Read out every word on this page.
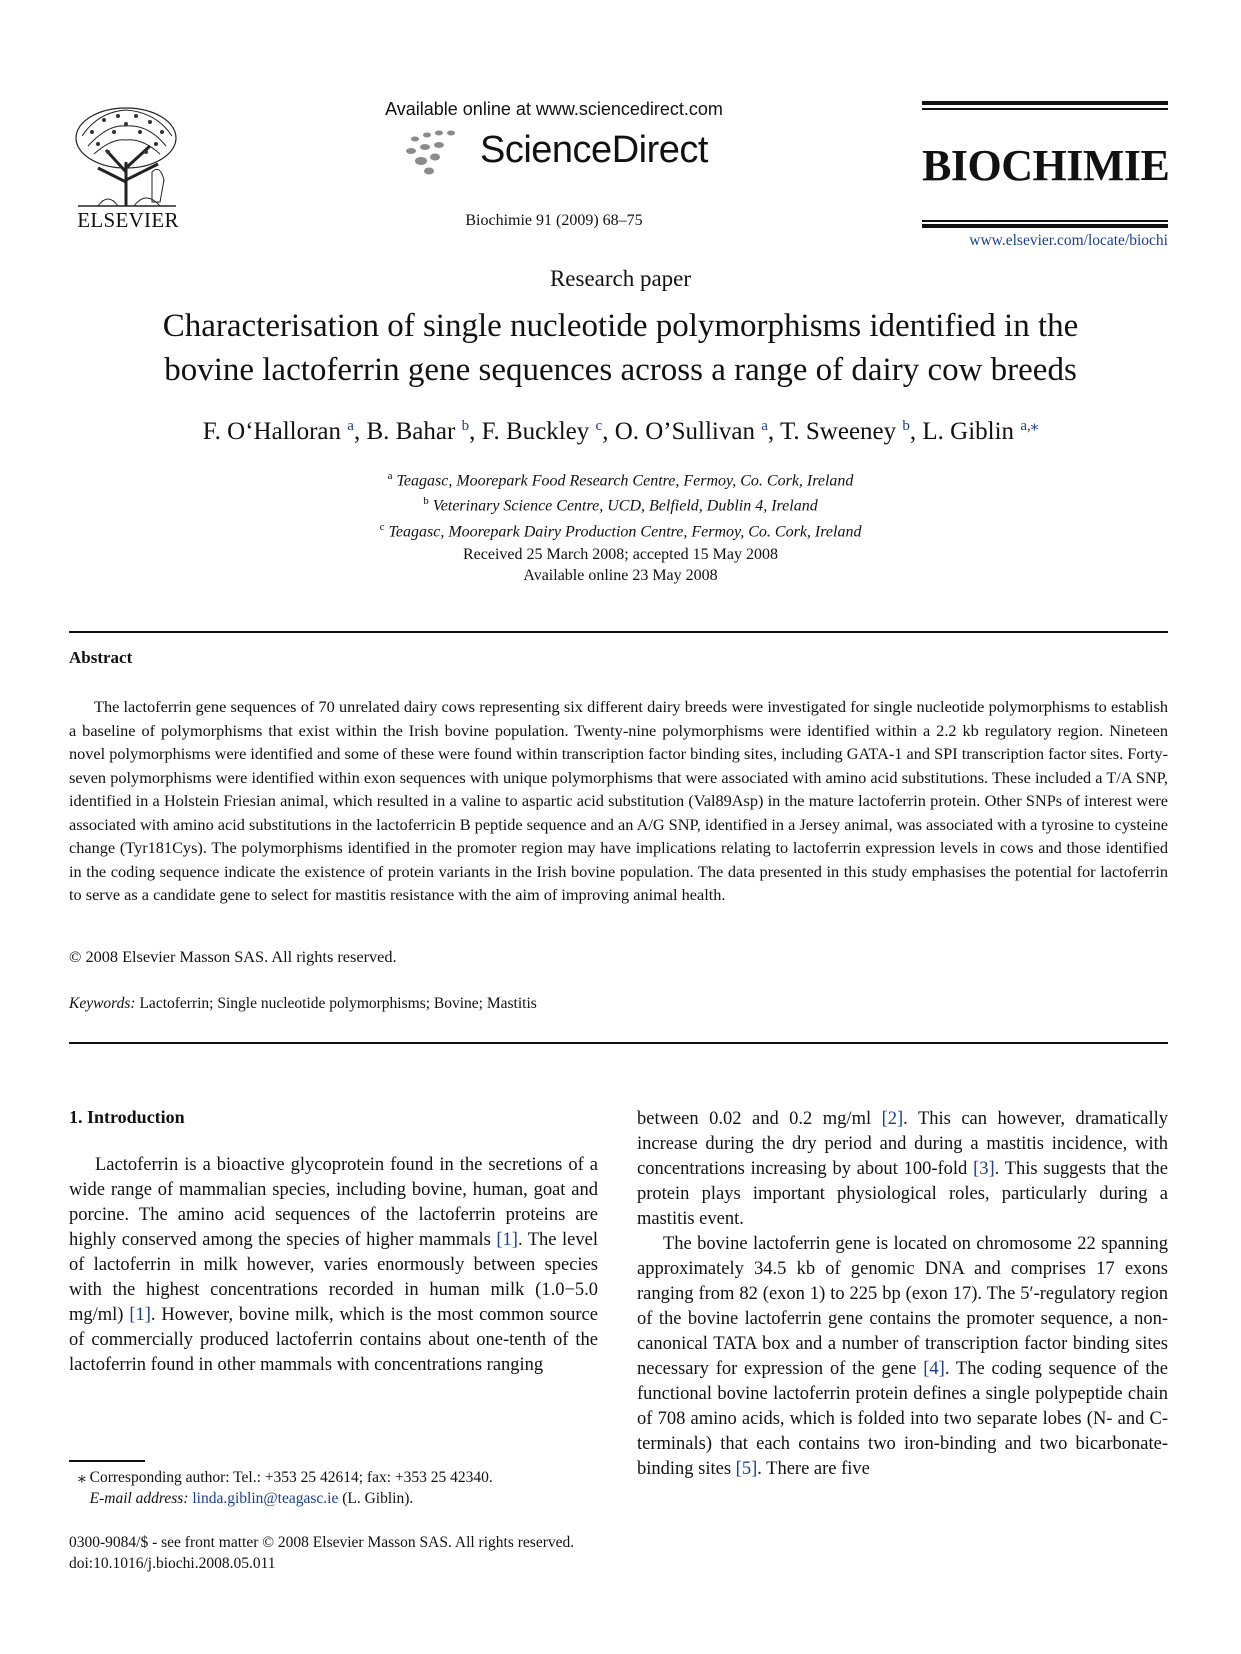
ELSEVIER
Available online at www.sciencedirect.com
ScienceDirect
Biochimie 91 (2009) 68–75
BIOCHIMIE
www.elsevier.com/locate/biochi
Research paper
Characterisation of single nucleotide polymorphisms identified in the
bovine lactoferrin gene sequences across a range of dairy cow breeds
F. O‘Halloran $^a$, B. Bahar $^b$, F. Buckley $^c$, O. O’Sullivan $^a$, T. Sweeney $^b$, L. Giblin $^{a,⁎}$
$^a$ Teagasc, Moorepark Food Research Centre, Fermoy, Co. Cork, Ireland
$^b$ Veterinary Science Centre, UCD, Belfield, Dublin 4, Ireland
$^c$ Teagasc, Moorepark Dairy Production Centre, Fermoy, Co. Cork, Ireland
Received 25 March 2008; accepted 15 May 2008
Available online 23 May 2008
Abstract

The lactoferrin gene sequences of 70 unrelated dairy cows representing six different dairy breeds were investigated for single nucleotide polymorphisms to establish a baseline of polymorphisms that exist within the Irish bovine population. Twenty-nine polymorphisms were identified within a 2.2 kb regulatory region. Nineteen novel polymorphisms were identified and some of these were found within transcription factor binding sites, including GATA-1 and SPI transcription factor sites. Forty-seven polymorphisms were identified within exon sequences with unique polymorphisms that were associated with amino acid substitutions. These included a T/A SNP, identified in a Holstein Friesian animal, which resulted in a valine to aspartic acid substitution (Val89Asp) in the mature lactoferrin protein. Other SNPs of interest were associated with amino acid substitutions in the lactoferricin B peptide sequence and an A/G SNP, identified in a Jersey animal, was associated with a tyrosine to cysteine change (Tyr181Cys). The polymorphisms identified in the promoter region may have implications relating to lactoferrin expression levels in cows and those identified in the coding sequence indicate the existence of protein variants in the Irish bovine population. The data presented in this study emphasises the potential for lactoferrin to serve as a candidate gene to select for mastitis resistance with the aim of improving animal health.

© 2008 Elsevier Masson SAS. All rights reserved.
Keywords: Lactoferrin; Single nucleotide polymorphisms; Bovine; Mastitis
1. Introduction

Lactoferrin is a bioactive glycoprotein found in the secretions of a wide range of mammalian species, including bovine, human, goat and porcine. The amino acid sequences of the lactoferrin proteins are highly conserved among the species of higher mammals [1]. The level of lactoferrin in milk however, varies enormously between species with the highest concentrations recorded in human milk (1.0−5.0 mg/ml) [1]. However, bovine milk, which is the most common source of commercially produced lactoferrin contains about one-tenth of the lactoferrin found in other mammals with concentrations ranging

between 0.02 and 0.2 mg/ml [2]. This can however, dramatically increase during the dry period and during a mastitis incidence, with concentrations increasing by about 100-fold [3]. This suggests that the protein plays important physiological roles, particularly during a mastitis event.

The bovine lactoferrin gene is located on chromosome 22 spanning approximately 34.5 kb of genomic DNA and comprises 17 exons ranging from 82 (exon 1) to 225 bp (exon 17). The 5′-regulatory region of the bovine lactoferrin gene contains the promoter sequence, a non-canonical TATA box and a number of transcription factor binding sites necessary for expression of the gene [4]. The coding sequence of the functional bovine lactoferrin protein defines a single polypeptide chain of 708 amino acids, which is folded into two separate lobes (N- and C-terminals) that each contains two iron-binding and two bicarbonate-binding sites [5]. There are five

⁎ Corresponding author: Tel.: +353 25 42614; fax: +353 25 42340.
E-mail address: linda.giblin@teagasc.ie (L. Giblin).
0300-9084/$ - see front matter © 2008 Elsevier Masson SAS. All rights reserved.
doi:10.1016/j.biochi.2008.05.011
